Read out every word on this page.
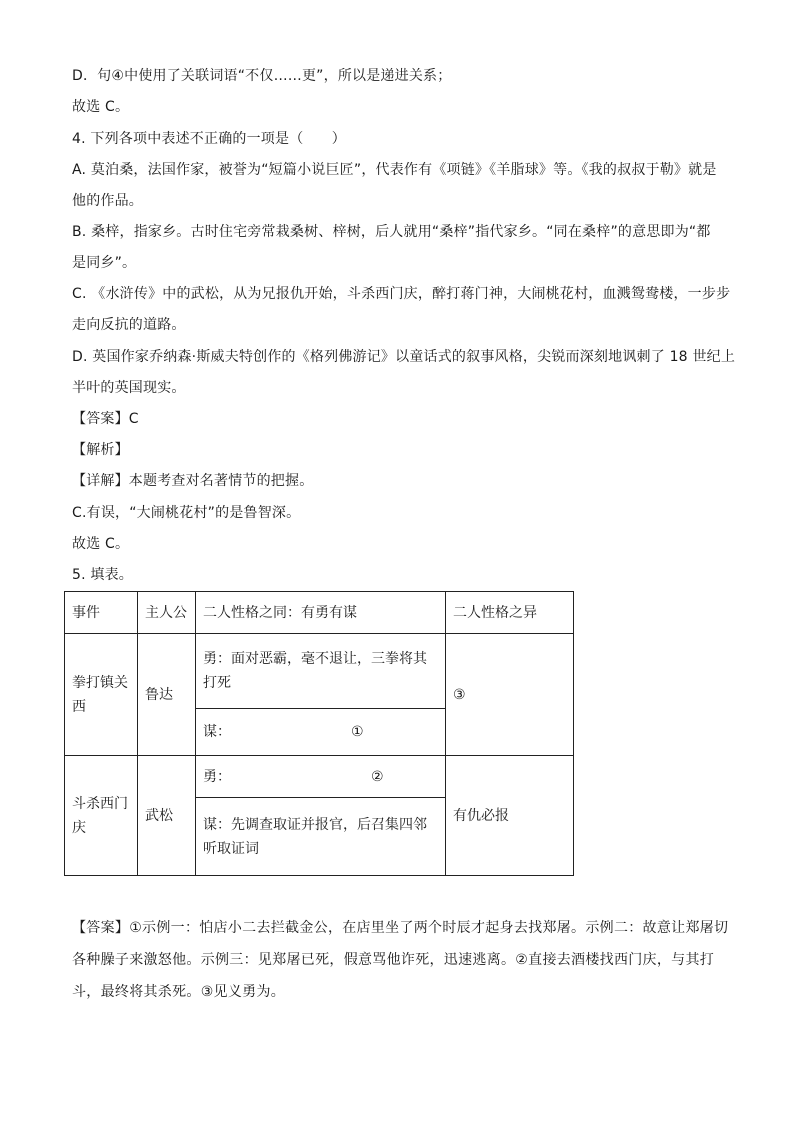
D．句④中使用了关联词语“不仅……更”，所以是递进关系；
故选 C。
4. 下列各项中表述不正确的一项是（　　）
A. 莫泊桑，法国作家，被誉为“短篇小说巨匠”，代表作有《项链》《羊脂球》等。《我的叔叔于勒》就是
他的作品。
B. 桑梓，指家乡。古时住宅旁常栽桑树、梓树，后人就用“桑梓”指代家乡。“同在桑梓”的意思即为“都
是同乡”。
C. 《水浒传》中的武松，从为兄报仇开始，斗杀西门庆，醉打蒋门神，大闹桃花村，血溅鸳鸯楼，一步步
走向反抗的道路。
D. 英国作家乔纳森·斯威夫特创作的《格列佛游记》以童话式的叙事风格，尖锐而深刻地讽刺了 18 世纪上
半叶的英国现实。
【答案】C
【解析】
【详解】本题考查对名著情节的把握。
C.有误，“大闹桃花村”的是鲁智深。
故选 C。
5. 填表。
事件	主人公	二人性格之同：有勇有谋	二人性格之异
拳打镇关西	鲁达	勇：面对恶霸，毫不退让，三拳将其打死	③

		谋： ①	

斗杀西门庆	武松	勇： ②	有仇必报
		谋：先调查取证并报官，后召集四邻听取证词	
【答案】①示例一：怕店小二去拦截金公，在店里坐了两个时辰才起身去找郑屠。示例二：故意让郑屠切各种臊子来激怒他。示例三：见郑屠已死，假意骂他诈死，迅速逃离。②直接去酒楼找西门庆，与其打斗，最终将其杀死。③见义勇为。
